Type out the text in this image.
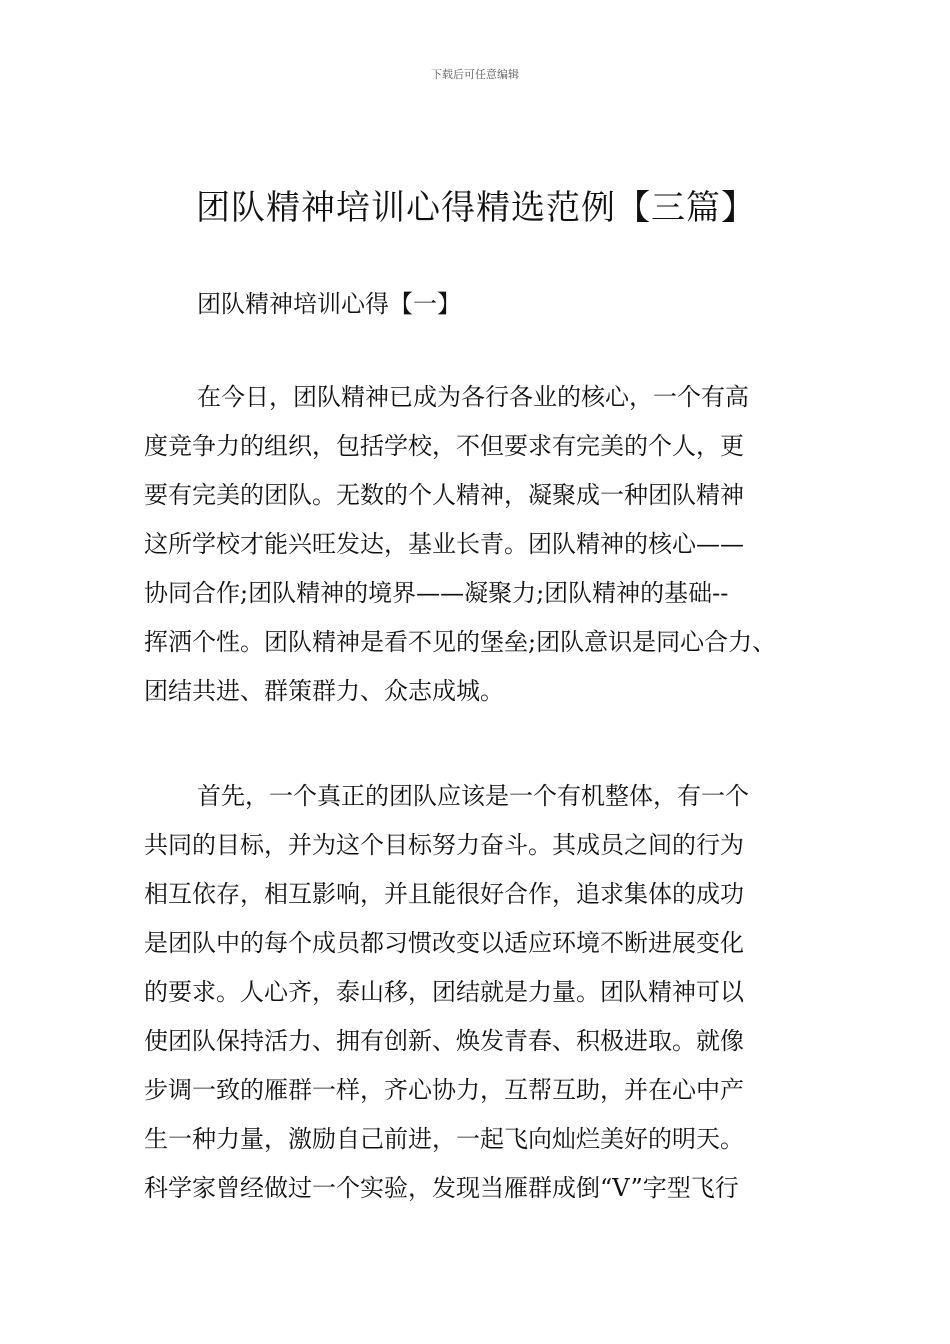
下载后可任意编辑
团队精神培训心得精选范例【三篇】
团队精神培训心得【一】
在今日，团队精神已成为各行各业的核心，一个有高
度竞争力的组织，包括学校，不但要求有完美的个人，更
要有完美的团队。无数的个人精神，凝聚成一种团队精神
这所学校才能兴旺发达，基业长青。团队精神的核心——
协同合作;团队精神的境界——凝聚力;团队精神的基础--
挥洒个性。团队精神是看不见的堡垒;团队意识是同心合力、
团结共进、群策群力、众志成城。
首先，一个真正的团队应该是一个有机整体，有一个
共同的目标，并为这个目标努力奋斗。其成员之间的行为
相互依存，相互影响，并且能很好合作，追求集体的成功
是团队中的每个成员都习惯改变以适应环境不断进展变化
的要求。人心齐，泰山移，团结就是力量。团队精神可以
使团队保持活力、拥有创新、焕发青春、积极进取。就像
步调一致的雁群一样，齐心协力，互帮互助，并在心中产
生一种力量，激励自己前进，一起飞向灿烂美好的明天。
科学家曾经做过一个实验，发现当雁群成倒“V”字型飞行
